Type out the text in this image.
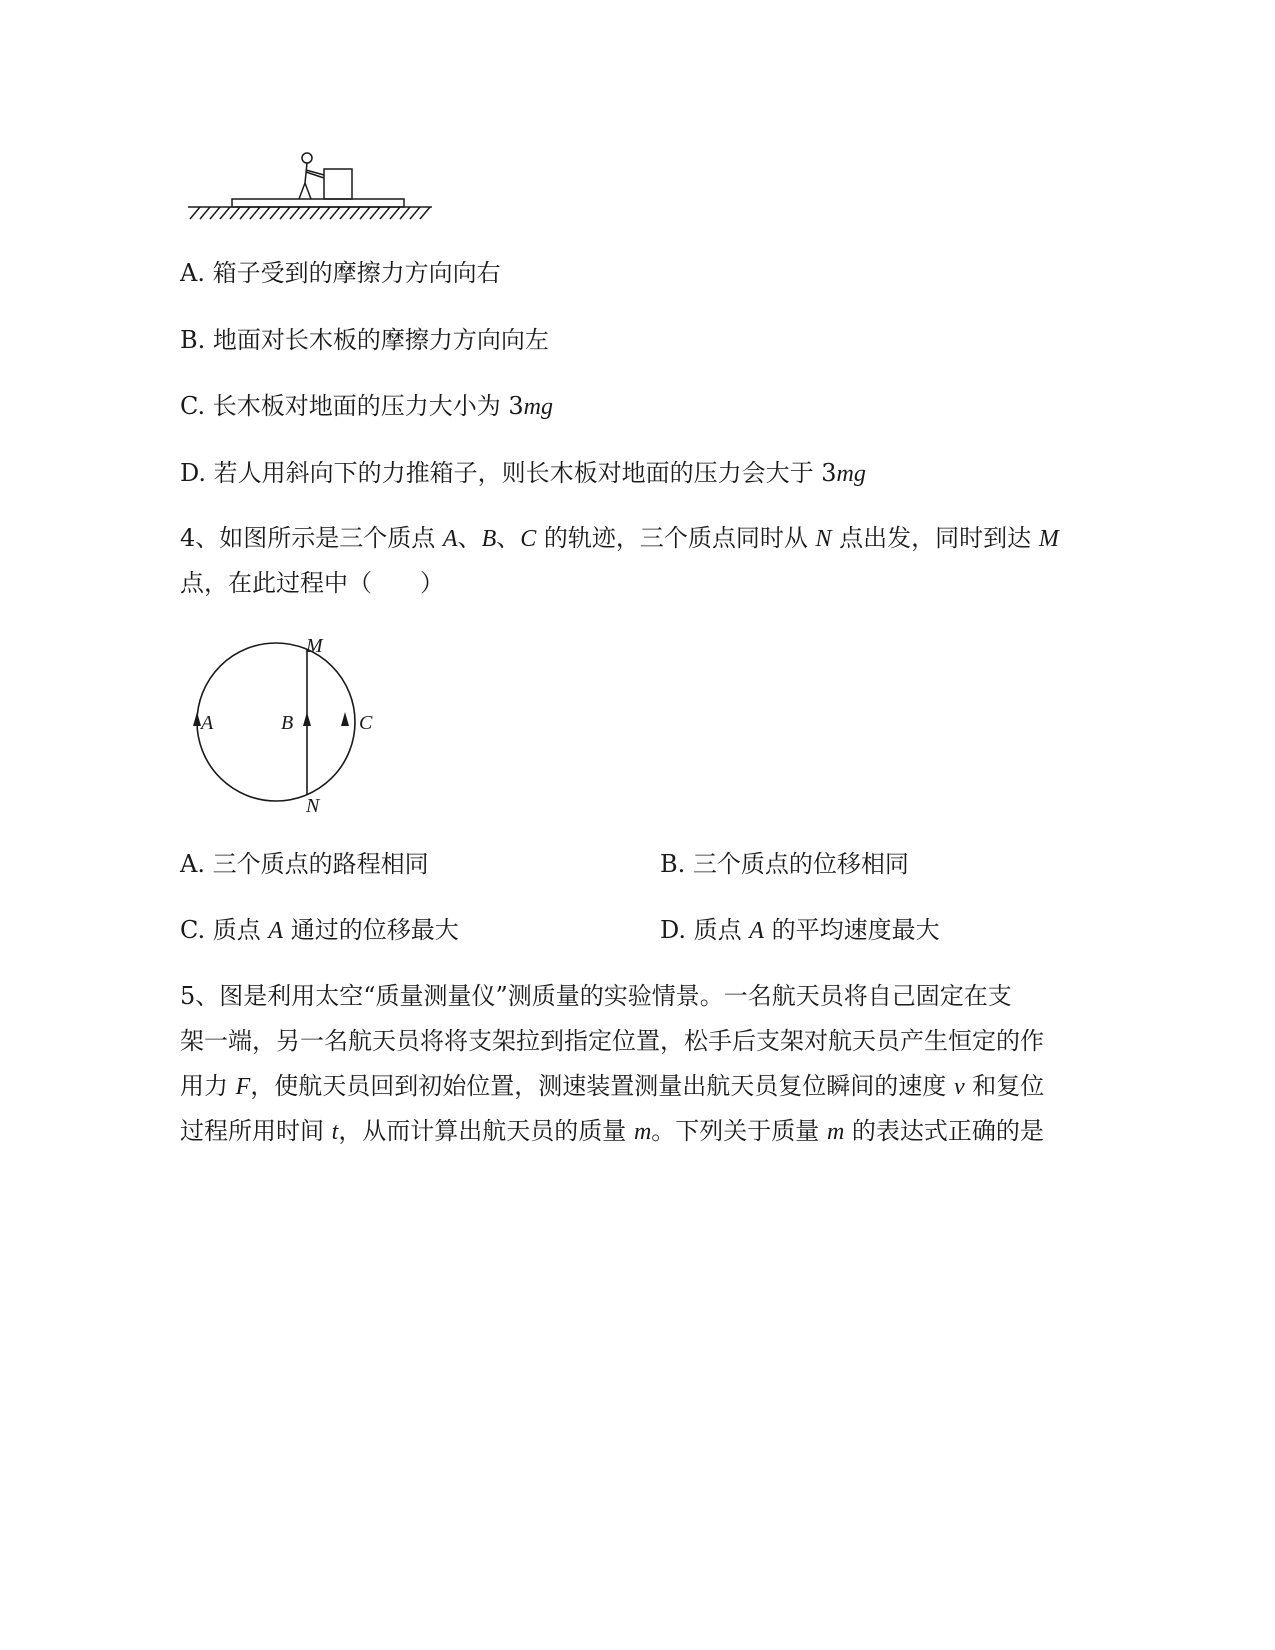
A. 箱子受到的摩擦力方向向右
B. 地面对长木板的摩擦力方向向左
C. 长木板对地面的压力大小为 3mg
D. 若人用斜向下的力推箱子，则长木板对地面的压力会大于 3mg
4、如图所示是三个质点 A、B、C 的轨迹，三个质点同时从 N 点出发，同时到达 M
点，在此过程中（　　）
M
N
A	B	C
A. 三个质点的路程相同	B. 三个质点的位移相同
C. 质点 A 通过的位移最大	D. 质点 A 的平均速度最大
5、图是利用太空“质量测量仪”测质量的实验情景。一名航天员将自己固定在支
架一端，另一名航天员将将支架拉到指定位置，松手后支架对航天员产生恒定的作
用力 F，使航天员回到初始位置，测速装置测量出航天员复位瞬间的速度 v 和复位
过程所用时间 t，从而计算出航天员的质量 m。下列关于质量 m 的表达式正确的是
